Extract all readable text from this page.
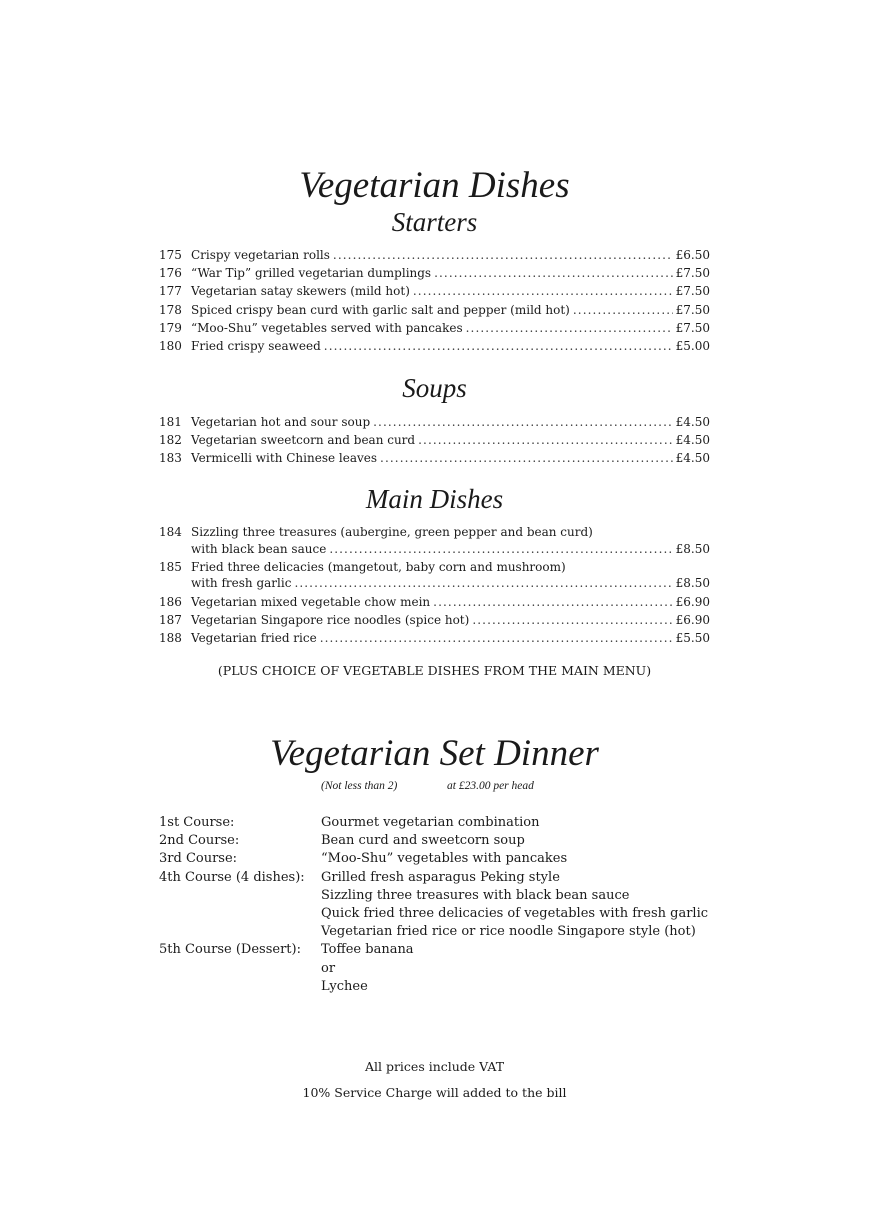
Vegetarian Dishes
Starters
175 Crispy vegetarian rolls .....	£6.50
176 “War Tip” grilled vegetarian dumplings .....	£7.50
177 Vegetarian satay skewers (mild hot) .....	£7.50
178 Spiced crispy bean curd with garlic salt and pepper (mild hot) .....	£7.50
179 “Moo-Shu” vegetables served with pancakes .....	£7.50
180 Fried crispy seaweed .....	£5.00
Soups
181 Vegetarian hot and sour soup .....	£4.50
182 Vegetarian sweetcorn and bean curd .....	£4.50
183 Vermicelli with Chinese leaves .....	£4.50
Main Dishes
184 Sizzling three treasures (aubergine, green pepper and bean curd)
with black bean sauce .....	£8.50
185 Fried three delicacies (mangetout, baby corn and mushroom)
with fresh garlic .....	£8.50
186 Vegetarian mixed vegetable chow mein .....	£6.90
187 Vegetarian Singapore rice noodles (spice hot) .....	£6.90
188 Vegetarian fried rice .....	£5.50
(PLUS CHOICE OF VEGETABLE DISHES FROM THE MAIN MENU)
Vegetarian Set Dinner
(Not less than 2)	at £23.00 per head
1st Course:	Gourmet vegetarian combination
2nd Course:	Bean curd and sweetcorn soup
3rd Course:	“Moo-Shu” vegetables with pancakes
4th Course (4 dishes): Grilled fresh asparagus Peking style
Sizzling three treasures with black bean sauce
Quick fried three delicacies of vegetables with fresh garlic
Vegetarian fried rice or rice noodle Singapore style (hot)
5th Course (Dessert): Toffee banana
or
Lychee
All prices include VAT
10% Service Charge will added to the bill
